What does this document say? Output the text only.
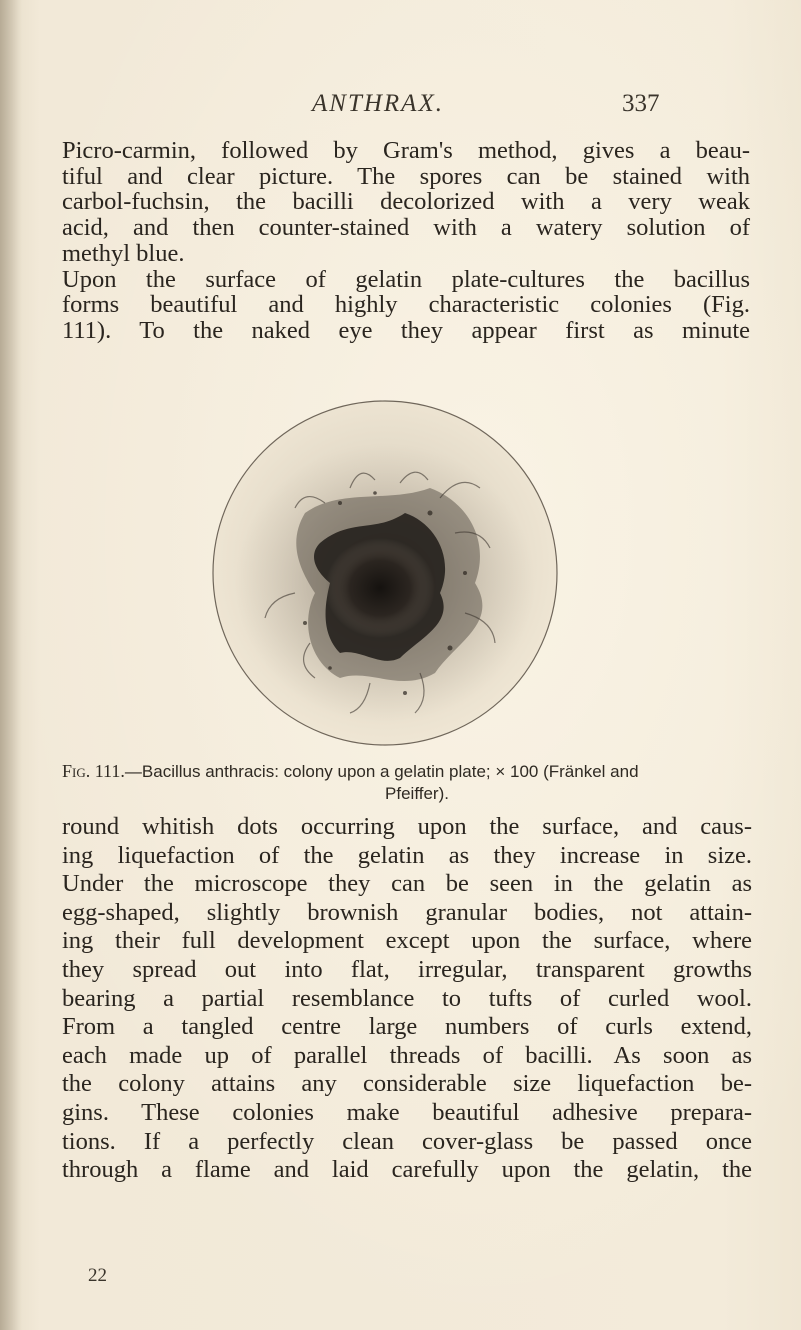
ANTHRAX.	337

Picro-carmin, followed by Gram's method, gives a beau-

tiful and clear picture. The spores can be stained with

carbol-fuchsin, the bacilli decolorized with a very weak

acid, and then counter-stained with a watery solution of

methyl blue.

Upon the surface of gelatin plate-cultures the bacillus

forms beautiful and highly characteristic colonies (Fig.

111). To the naked eye they appear first as minute

Fig. 111.—Bacillus anthracis: colony upon a gelatin plate; × 100 (Fränkel and
Pfeiffer).

round whitish dots occurring upon the surface, and caus-

ing liquefaction of the gelatin as they increase in size.

Under the microscope they can be seen in the gelatin as

egg-shaped, slightly brownish granular bodies, not attain-

ing their full development except upon the surface, where

they spread out into flat, irregular, transparent growths

bearing a partial resemblance to tufts of curled wool.

From a tangled centre large numbers of curls extend,

each made up of parallel threads of bacilli. As soon as

the colony attains any considerable size liquefaction be-

gins. These colonies make beautiful adhesive prepara-

tions. If a perfectly clean cover-glass be passed once

through a flame and laid carefully upon the gelatin, the

22
